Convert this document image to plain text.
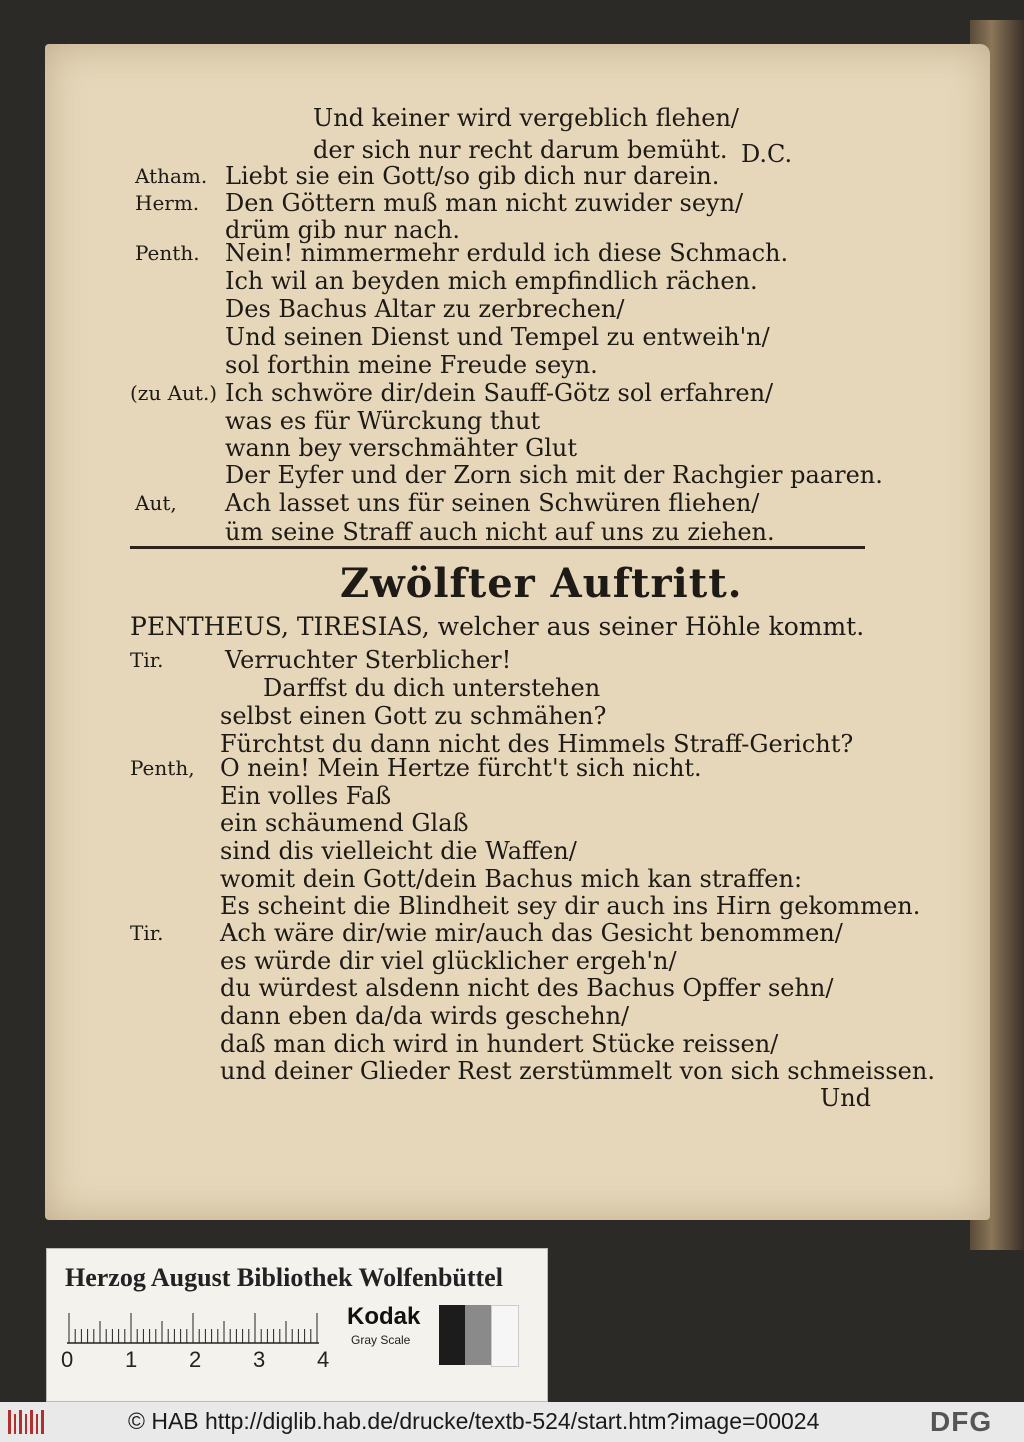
Und keiner wird vergeblich flehen/
der sich nur recht darum bemüht. D.C.
Atham. Liebt sie ein Gott/so gib dich nur darein.
Herm. Den Göttern muß man nicht zuwider seyn/
drüm gib nur nach.
Penth. Nein! nimmermehr erduld ich diese Schmach.
Ich wil an beyden mich empfindlich rächen.
Des Bachus Altar zu zerbrechen/
Und seinen Dienst und Tempel zu entweih'n/
sol forthin meine Freude seyn.
(zu Aut.) Ich schwöre dir/dein Sauff-Götz sol erfahren/
was es für Würckung thut
wann bey verschmähter Glut
Der Eyfer und der Zorn sich mit der Rachgier paaren.
Aut, Ach lasset uns für seinen Schwüren fliehen/
üm seine Straff auch nicht auf uns zu ziehen.
Zwölfter Auftritt.
PENTHEUS, TIRESIAS, welcher aus seiner Höhle kommt.
Tir.	Verruchter Sterblicher!
Darffst du dich unterstehen
selbst einen Gott zu schmähen?
Fürchtst du dann nicht des Himmels Straff-Gericht?
Penth, O nein! Mein Hertze fürcht't sich nicht.
Ein volles Faß
ein schäumend Glaß
sind dis vielleicht die Waffen/
womit dein Gott/dein Bachus mich kan straffen:
Es scheint die Blindheit sey dir auch ins Hirn gekommen.
Tir. Ach wäre dir/wie mir/auch das Gesicht benommen/
es würde dir viel glücklicher ergeh'n/
du würdest alsdenn nicht des Bachus Opffer sehn/
dann eben da/da wirds geschehn/
daß man dich wird in hundert Stücke reissen/
und deiner Glieder Rest zerstümmelt von sich schmeissen.
Und
Herzog August Bibliothek Wolfenbüttel
0 1 2 3 4
Kodak
Gray Scale
© HAB http://diglib.hab.de/drucke/textb-524/start.htm?image=00024	DFG
